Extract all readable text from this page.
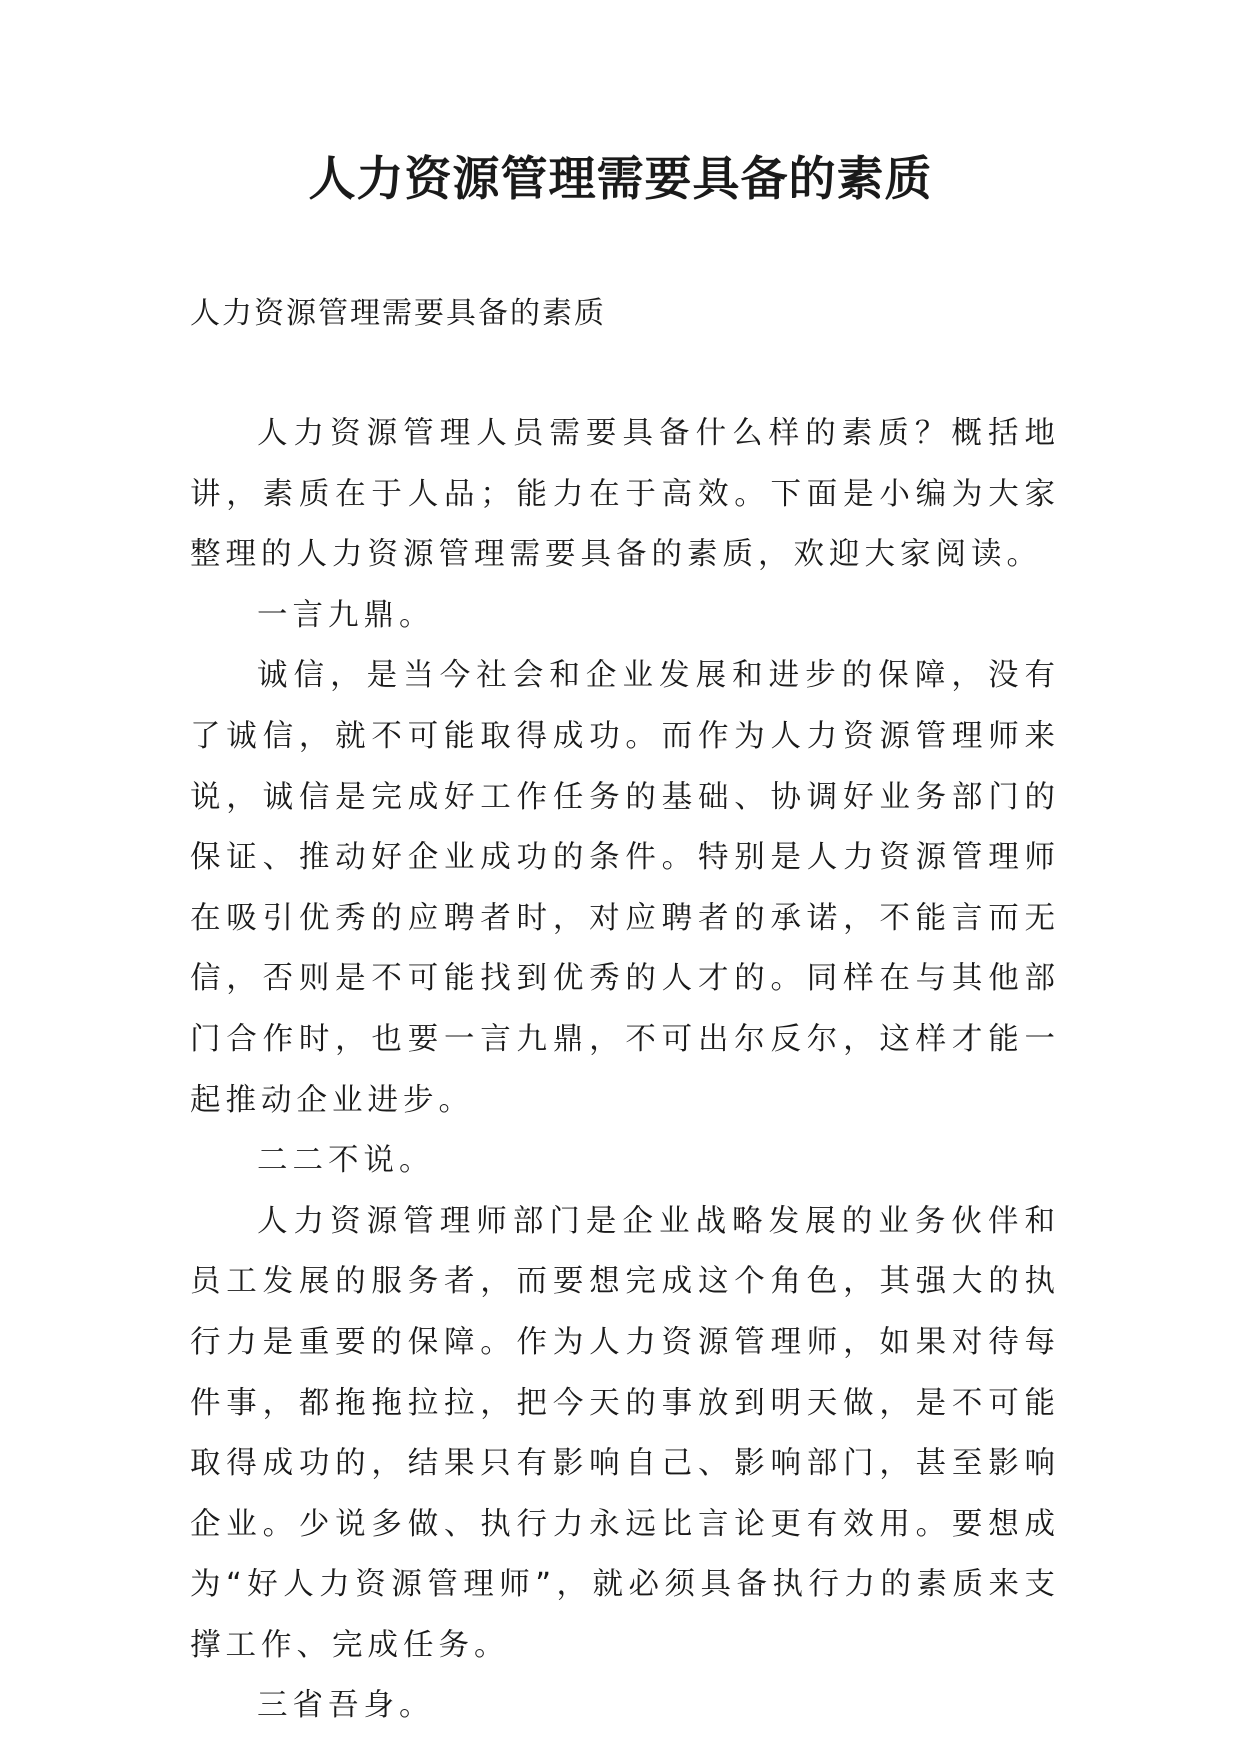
人力资源管理需要具备的素质
人力资源管理需要具备的素质

人力资源管理人员需要具备什么样的素质？概括地讲，素质在于人品；能力在于高效。下面是小编为大家整理的人力资源管理需要具备的素质，欢迎大家阅读。

一言九鼎。

诚信，是当今社会和企业发展和进步的保障，没有了诚信，就不可能取得成功。而作为人力资源管理师来说，诚信是完成好工作任务的基础、协调好业务部门的保证、推动好企业成功的条件。特别是人力资源管理师在吸引优秀的应聘者时，对应聘者的承诺，不能言而无信，否则是不可能找到优秀的人才的。同样在与其他部门合作时，也要一言九鼎，不可出尔反尔，这样才能一起推动企业进步。

二二不说。

人力资源管理师部门是企业战略发展的业务伙伴和员工发展的服务者，而要想完成这个角色，其强大的执行力是重要的保障。作为人力资源管理师，如果对待每件事，都拖拖拉拉，把今天的事放到明天做，是不可能取得成功的，结果只有影响自己、影响部门，甚至影响企业。少说多做、执行力永远比言论更有效用。要想成为“好人力资源管理师”，就必须具备执行力的素质来支撑工作、完成任务。

三省吾身。
